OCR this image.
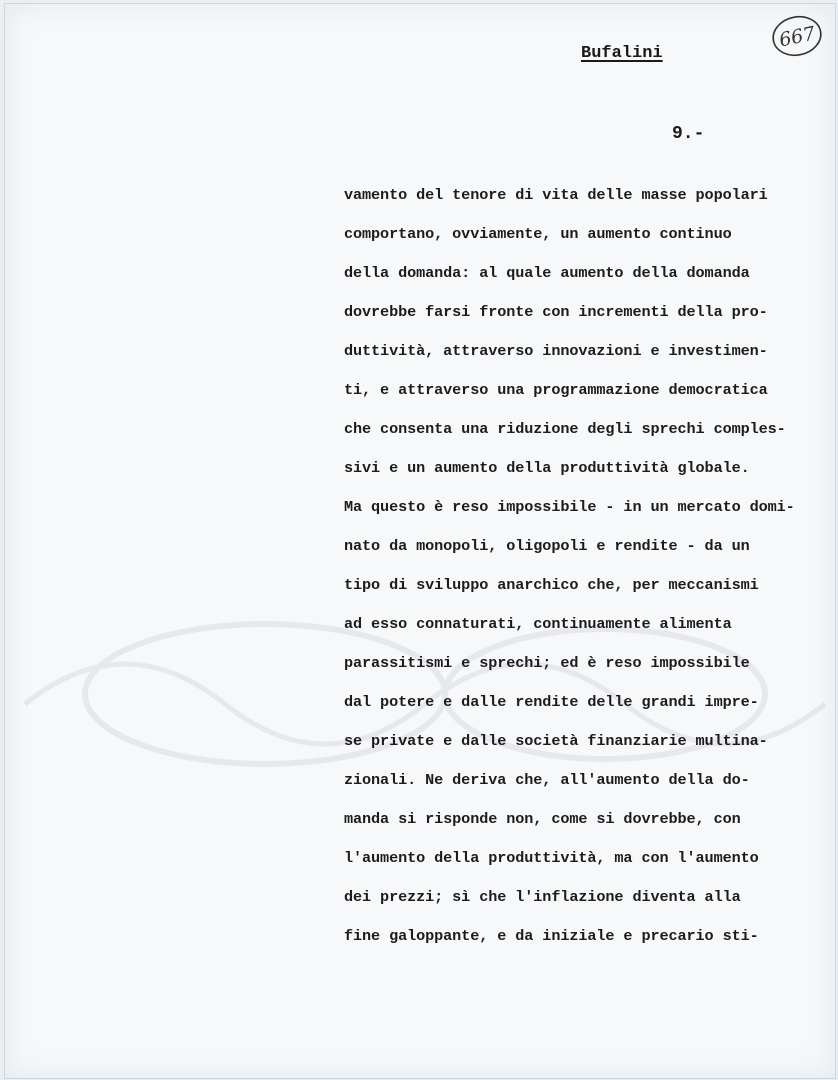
Bufalini
667
9.-
vamento del tenore di vita delle masse popolari
comportano, ovviamente, un aumento continuo
della domanda: al quale aumento della domanda
dovrebbe farsi fronte con incrementi della pro-
duttività, attraverso innovazioni e investimen-
ti, e attraverso una programmazione democratica
che consenta una riduzione degli sprechi comples-
sivi e un aumento della produttività globale.
Ma questo è reso impossibile - in un mercato domi-
nato da monopoli, oligopoli e rendite - da un
tipo di sviluppo anarchico che, per meccanismi
ad esso connaturati, continuamente alimenta
parassitismi e sprechi; ed è reso impossibile
dal potere e dalle rendite delle grandi impre-
se private e dalle società finanziarie multina-
zionali. Ne deriva che, all'aumento della do-
manda si risponde non, come si dovrebbe, con
l'aumento della produttività, ma con l'aumento
dei prezzi; sì che l'inflazione diventa alla
fine galoppante, e da iniziale e precario sti-
